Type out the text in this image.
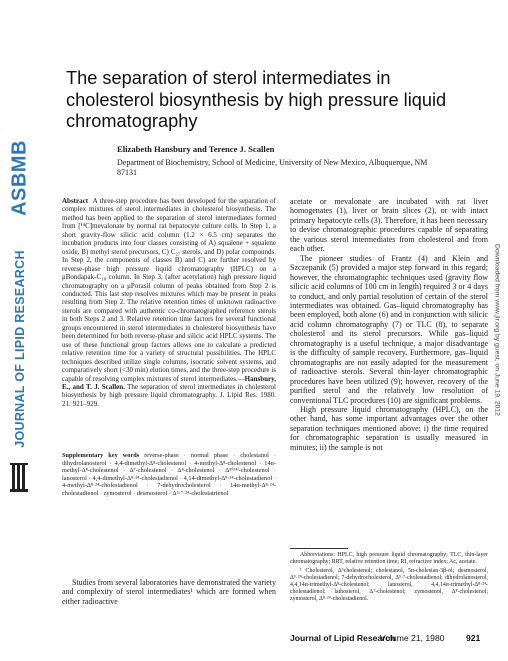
ASBMB
JOURNAL OF LIPID RESEARCH	Downloaded from www.jlr.org by guest, on June 19, 2012
The separation of sterol intermediates in cholesterol biosynthesis by high pressure liquid chromatography
Elizabeth Hansbury and Terence J. Scallen
Department of Biochemistry, School of Medicine, University of New Mexico, Albuquerque, NM 87131

Abstract A three-step procedure has been developed for the separation of complex mixtures of sterol intermediates in cholesterol biosynthesis. The method has been applied to the separation of sterol intermediates formed from [¹⁴C]mevalonate by normal rat hepatocyte culture cells. In Step 1, a short gravity-flow silicic acid column (1.2 × 6.5 cm) separates the incubation products into four classes consisting of A) squalene + squalene oxide, B) methyl sterol precursors, C) C₂₇ sterols, and D) polar compounds. In Step 2, the components of classes B) and C) are further resolved by reverse-phase high pressure liquid chromatography (HPLC) on a μBondapak-C₁₈ column. In Step 3, (after acetylation) high pressure liquid chromatography on a μPorasil column of peaks obtained from Step 2 is conducted. This last step resolves mixtures which may be present in peaks resulting from Step 2. The relative retention times of unknown radioactive sterols are compared with authentic co-chromatographed reference sterols in both Steps 2 and 3. Relative retention time factors for several functional groups encountered in sterol intermediates in cholesterol biosynthesis have been determined for both reverse-phase and silicic acid HPLC systems. The use of these functional group factors allows one to calculate a predicted relative retention time for a variety of structural possibilities. The HPLC techniques described utilize single columns, isocratic solvent systems, and comparatively short (<30 min) elution times, and the three-step procedure is capable of resolving complex mixtures of sterol intermediates.—Hansbury, E., and T. J. Scallen. The separation of sterol intermediates in cholesterol biosynthesis by high pressure liquid chromatography. J. Lipid Res. 1980. 21: 921–929.

Supplementary key words reverse-phase · normal phase · cholestanol · dihydrolanosterol · 4,4-dimethyl-Δ⁸-cholestenol · 4-methyl-Δ⁸-cholestenol · 14α-methyl-Δ⁸-cholestenol · Δ⁷-cholestenol · Δ⁸-cholestenol · Δ⁸⁽¹⁴⁾-cholestenol · lanosterol · 4,4-dimethyl-Δ⁸·²⁴-cholestadienol · 4,14-dimethyl-Δ⁸·²⁴-cholestadienol · 4-methyl-Δ⁸·²⁴-cholestadienol · 7-dehydrocholesterol · 14α-methyl-Δ⁸·²⁴-cholestadienol · zymosterol · desmosterol · Δ⁵·⁷·²⁴-cholestatrienol

Studies from several laboratories have demonstrated the variety and complexity of sterol intermediates¹ which are formed when either radioactive

acetate or mevalonate are incubated with rat liver homogenates (1), liver or brain slices (2), or with intact primary hepatocyte cells (3). Therefore, it has been necessary to devise chromatographic procedures capable of separating the various sterol intermediates from cholesterol and from each other.

The pioneer studies of Frantz (4) and Klein and Szczepanik (5) provided a major step forward in this regard; however, the chromatographic techniques used (gravity flow silicic acid columns of 100 cm in length) required 3 or 4 days to conduct, and only partial resolution of certain of the sterol intermediates was obtained. Gas–liquid chromatography has been employed, both alone (6) and in conjunction with silicic acid column chromatography (7) or TLC (8), to separate cholesterol and its sterol precursors. While gas–liquid chromatography is a useful technique, a major disadvantage is the difficulty of sample recovery. Furthermore, gas–liquid chromatographs are not easily adapted for the measurement of radioactive sterols. Several thin-layer chromatographic procedures have been utilized (9); however, recovery of the purified sterol and the relatively low resolution of conventional TLC procedures (10) are significant problems.

High pressure liquid chromatography (HPLC), on the other hand, has some important advantages over the other separation techniques mentioned above: i) the time required for chromatographic separation is usually measured in minutes; ii) the sample is not

Abbreviations: HPLC, high pressure liquid chromatography; TLC, thin-layer chromatography; RRT, relative retention time; RI, refractive index; Ac, acetate.

¹ Cholesterol, Δ⁵cholestenol; cholestanol, 5α-cholestan-3β-ol; desmosterol, Δ⁵·²⁴-cholestadienol; 7-dehydrocholesterol, Δ⁵·⁷-cholestadienol; dihydrolanosterol, 4,4,14α-trimethyl-Δ⁸-cholestenol; lanosterol, 4,4,14α-trimethyl-Δ⁸·²⁴-cholestadienol; lathosterol, Δ⁷-cholestenol; zymostenol, Δ⁸-cholestenol; zymosterol, Δ⁸·²⁴-cholestadienol.

Journal of Lipid Research
Volume 21, 1980 921
